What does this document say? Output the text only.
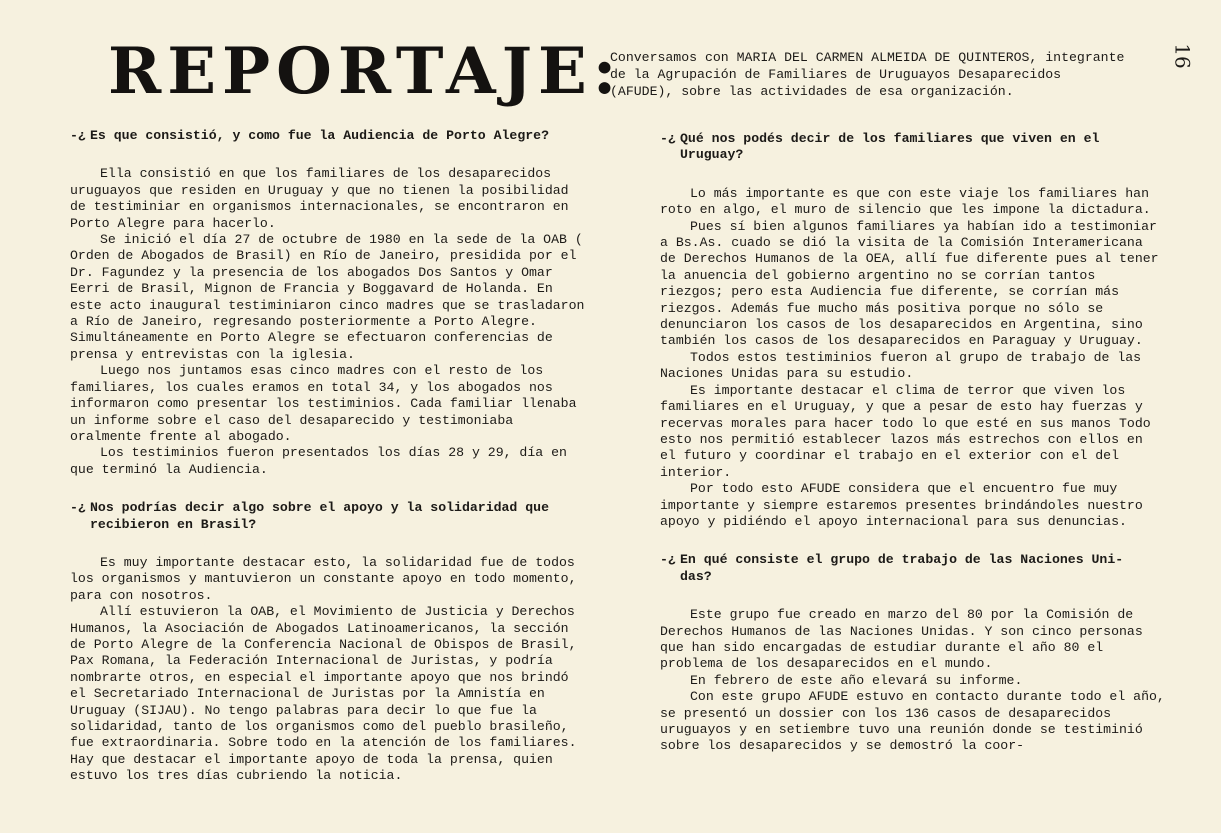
REPORTAJE:
Conversamos con MARIA DEL CARMEN ALMEIDA DE QUINTEROS, integrante de la Agrupación de Familiares de Uruguayos Desaparecidos (AFUDE), sobre las actividades de esa organización.
16

-¿ Es que consistió, y como fue la Audiencia de Porto Alegre?

Ella consistió en que los familiares de los desaparecidos uruguayos que residen en Uruguay y que no tienen la posibilidad de testiminiar en organismos internacionales, se encontraron en Porto Alegre para hacerlo.

Se inició el día 27 de octubre de 1980 en la sede de la OAB ( Orden de Abogados de Brasil) en Río de Janeiro, presidida por el Dr. Fagundez y la presencia de los abogados Dos Santos y Omar Eerri de Brasil, Mignon de Francia y Boggavard de Holanda. En este acto inaugural testiminiaron cinco madres que se trasladaron a Río de Janeiro, regresando posteriormente a Porto Alegre. Simultáneamente en Porto Alegre se efectuaron conferencias de prensa y entrevistas con la iglesia.

Luego nos juntamos esas cinco madres con el resto de los familiares, los cuales eramos en total 34, y los abogados nos informaron como presentar los testiminios. Cada familiar llenaba un informe sobre el caso del desaparecido y testimoniaba oralmente frente al abogado.

Los testiminios fueron presentados los días 28 y 29, día en que terminó la Audiencia.

-¿ Nos podrías decir algo sobre el apoyo y la solidaridad que
recibieron en Brasil?

Es muy importante destacar esto, la solidaridad fue de todos los organismos y mantuvieron un constante apoyo en todo momento, para con nosotros.

Allí estuvieron la OAB, el Movimiento de Justicia y Derechos Humanos, la Asociación de Abogados Latinoamericanos, la sección de Porto Alegre de la Conferencia Nacional de Obispos de Brasil, Pax Romana, la Federación Internacional de Juristas, y podría nombrarte otros, en especial el importante apoyo que nos brindó el Secretariado Internacional de Juristas por la Amnistía en Uruguay (SIJAU). No tengo palabras para decir lo que fue la solidaridad, tanto de los organismos como del pueblo brasileño, fue extraordinaria. Sobre todo en la atención de los familiares. Hay que destacar el importante apoyo de toda la prensa, quien estuvo los tres días cubriendo la noticia.

-¿ Qué nos podés decir de los familiares que viven en el
Uruguay?

Lo más importante es que con este viaje los familiares han roto en algo, el muro de silencio que les impone la dictadura.

Pues sí bien algunos familiares ya habían ido a testimoniar a Bs.As. cuado se dió la visita de la Comisión Interamericana de Derechos Humanos de la OEA, allí fue diferente pues al tener la anuencia del gobierno argentino no se corrían tantos riezgos; pero esta Audiencia fue diferente, se corrían más riezgos. Además fue mucho más positiva porque no sólo se denunciaron los casos de los desaparecidos en Argentina, sino también los casos de los desaparecidos en Paraguay y Uruguay.

Todos estos testiminios fueron al grupo de trabajo de las Naciones Unidas para su estudio.

Es importante destacar el clima de terror que viven los familiares en el Uruguay, y que a pesar de esto hay fuerzas y recervas morales para hacer todo lo que esté en sus manos Todo esto nos permitió establecer lazos más estrechos con ellos en el futuro y coordinar el trabajo en el exterior con el del interior.

Por todo esto AFUDE considera que el encuentro fue muy importante y siempre estaremos presentes brindándoles nuestro apoyo y pidiéndo el apoyo internacional para sus denuncias.

-¿ En qué consiste el grupo de trabajo de las Naciones Uni-
das?

Este grupo fue creado en marzo del 80 por la Comisión de Derechos Humanos de las Naciones Unidas. Y son cinco personas que han sido encargadas de estudiar durante el año 80 el problema de los desaparecidos en el mundo.

En febrero de este año elevará su informe.

Con este grupo AFUDE estuvo en contacto durante todo el año, se presentó un dossier con los 136 casos de desaparecidos uruguayos y en setiembre tuvo una reunión donde se testiminió sobre los desaparecidos y se demostró la coor-
